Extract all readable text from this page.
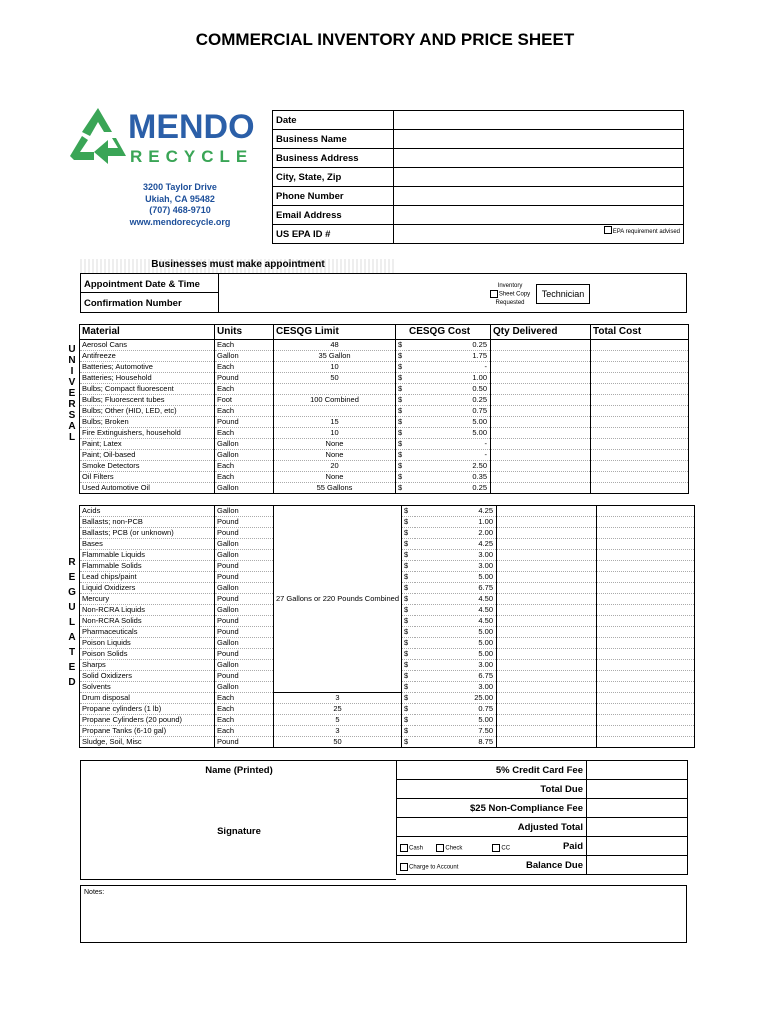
COMMERCIAL INVENTORY AND PRICE SHEET
MENDO
RECYCLE
3200 Taylor Drive
Ukiah, CA 95482
(707) 468-9710
www.mendorecycle.org
Date	
Business Name	
Business Address	
City, State, Zip	
Phone Number	
Email Address	
US EPA ID #	EPA requirement advised
Businesses must make appointment
Appointment Date & Time
Confirmation Number
Inventory
Sheet Copy
Requested
Technician
U
N
I
V
E
R
S
A
L
R
E
G
U
L
A
T
E
D
Material	Units	CESQG Limit		CESQG Cost	Qty Delivered	Total Cost
Aerosol Cans	Each	48	$	0.25		
Antifreeze	Gallon	35 Gallon	$	1.75		
Batteries; Automotive	Each	10	$	-		
Batteries; Household	Pound	50	$	1.00		
Bulbs; Compact fluorescent	Each		$	0.50		
Bulbs; Fluorescent tubes	Foot	100 Combined	$	0.25		
Bulbs; Other (HID, LED, etc)	Each		$	0.75		
Bulbs; Broken	Pound	15	$	5.00		
Fire Extinguishers, household	Each	10	$	5.00		
Paint; Latex	Gallon	None	$	-		
Paint; Oil-based	Gallon	None	$	-		
Smoke Detectors	Each	20	$	2.50		
Oil Filters	Each	None	$	0.35		
Used Automotive Oil	Gallon	55 Gallons	$	0.25		
Acids	Gallon	27 Gallons or 220 Pounds Combined	$	4.25		
Ballasts; non-PCB	Pound		$	1.00		
Ballasts; PCB (or unknown)	Pound		$	2.00		
Bases	Gallon		$	4.25		
Flammable Liquids	Gallon		$	3.00		
Flammable Solids	Pound		$	3.00		
Lead chips/paint	Pound		$	5.00		
Liquid Oxidizers	Gallon		$	6.75		
Mercury	Pound		$	4.50		
Non-RCRA Liquids	Gallon		$	4.50		
Non-RCRA Solids	Pound		$	4.50		
Pharmaceuticals	Pound		$	5.00		
Poison Liquids	Gallon		$	5.00		
Poison Solids	Pound		$	5.00		
Sharps	Gallon		$	3.00		
Solid Oxidizers	Pound		$	6.75		
Solvents	Gallon		$	3.00		
Drum disposal	Each	3	$	25.00		
Propane cylinders (1 lb)	Each	25	$	0.75		
Propane Cylinders (20 pound)	Each	5	$	5.00		
Propane Tanks (6-10 gal)	Each	3	$	7.50		
Sludge, Soil, Misc	Pound	50	$	8.75		
Name (Printed)
Signature
5% Credit Card Fee	
Total Due	
$25 Non-Compliance Fee	
Adjusted Total	

Cash Check CC Paid	

Charge to Account Balance Due	
Notes:
